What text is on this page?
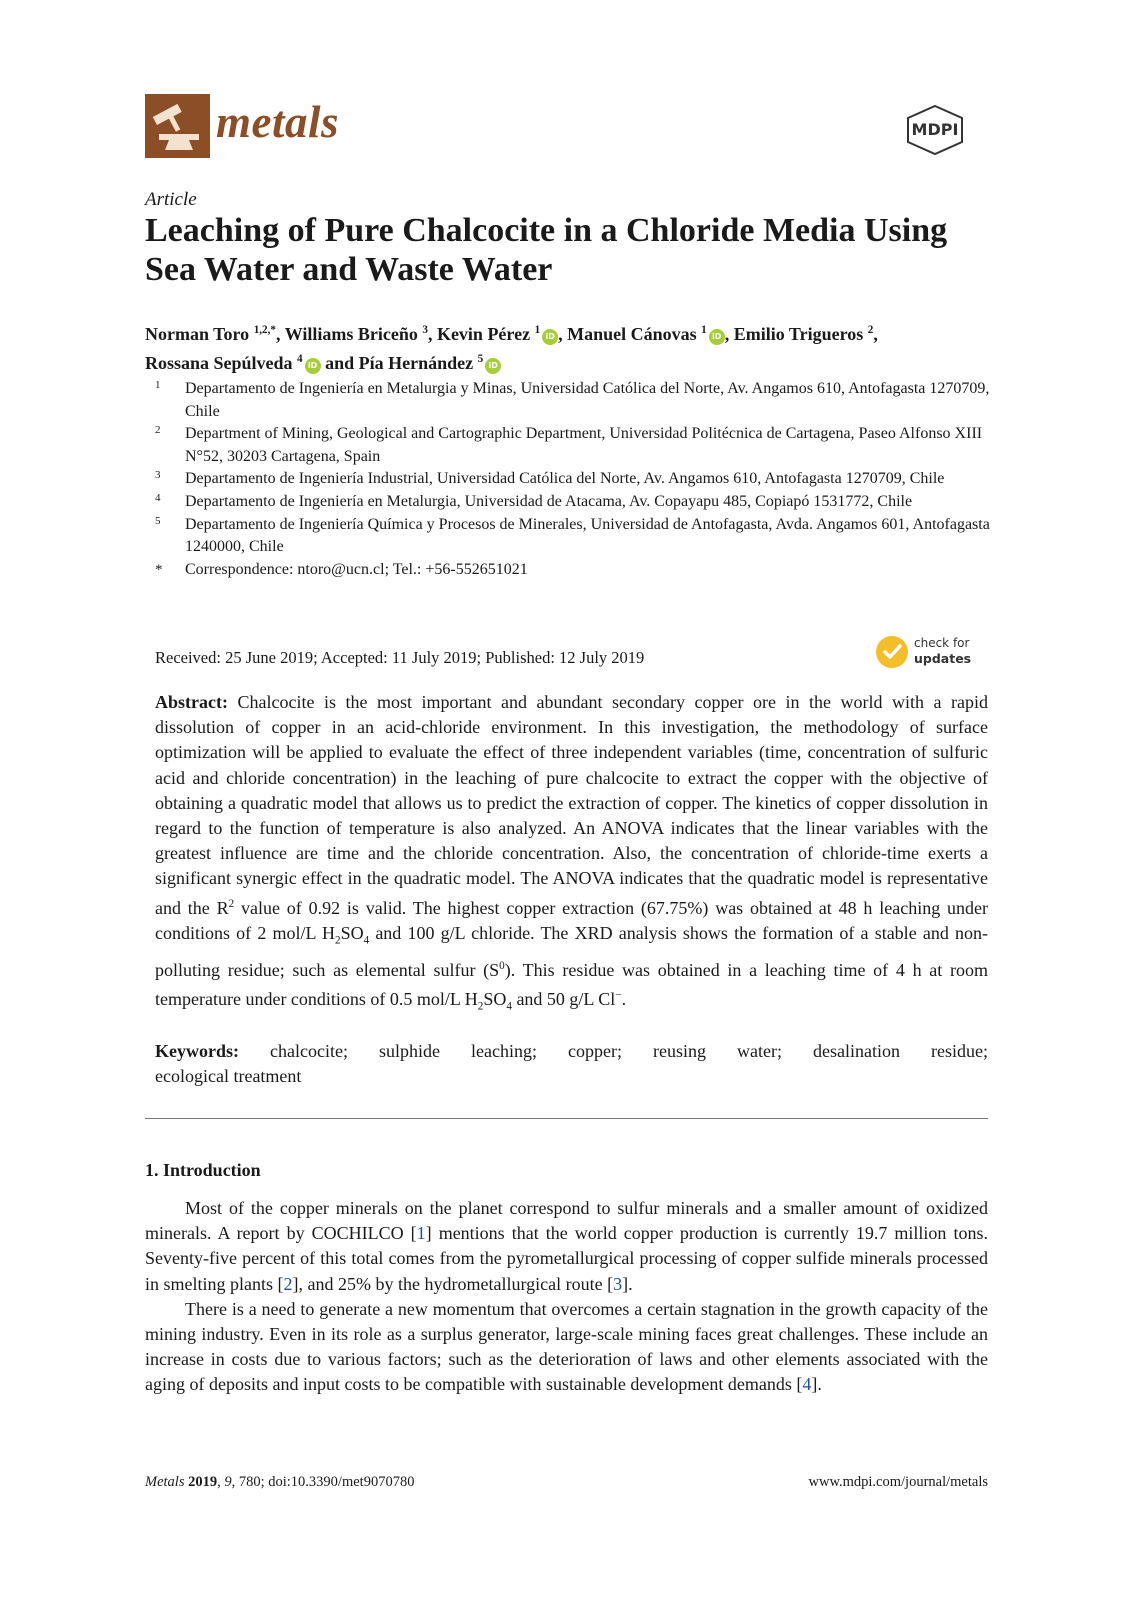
metals	MDPI
Article
Leaching of Pure Chalcocite in a Chloride Media Using Sea Water and Waste Water
Norman Toro $^{1,2,*}$, Williams Briceño $^3$, Kevin Pérez $^1$iD , Manuel Cánovas $^1$iD , Emilio Trigueros $^2$,
Rossana Sepúlveda $^4$iD and Pía Hernández $^5$iD
1 Departamento de Ingeniería en Metalurgia y Minas, Universidad Católica del Norte, Av. Angamos 610, Antofagasta 1270709, Chile
2 Department of Mining, Geological and Cartographic Department, Universidad Politécnica de Cartagena, Paseo Alfonso XIII N°52, 30203 Cartagena, Spain
3 Departamento de Ingeniería Industrial, Universidad Católica del Norte, Av. Angamos 610, Antofagasta 1270709, Chile
4 Departamento de Ingeniería en Metalurgia, Universidad de Atacama, Av. Copayapu 485, Copiapó 1531772, Chile
5 Departamento de Ingeniería Química y Procesos de Minerales, Universidad de Antofagasta, Avda. Angamos 601, Antofagasta 1240000, Chile
* Correspondence: ntoro@ucn.cl; Tel.: +56-552651021
Received: 25 June 2019; Accepted: 11 July 2019; Published: 12 July 2019
check for
updates
Abstract: Chalcocite is the most important and abundant secondary copper ore in the world with a rapid dissolution of copper in an acid-chloride environment. In this investigation, the methodology of surface optimization will be applied to evaluate the effect of three independent variables (time, concentration of sulfuric acid and chloride concentration) in the leaching of pure chalcocite to extract the copper with the objective of obtaining a quadratic model that allows us to predict the extraction of copper. The kinetics of copper dissolution in regard to the function of temperature is also analyzed. An ANOVA indicates that the linear variables with the greatest influence are time and the chloride concentration. Also, the concentration of chloride-time exerts a significant synergic effect in the quadratic model. The ANOVA indicates that the quadratic model is representative and the $R^2$ value of 0.92 is valid. The highest copper extraction (67.75%) was obtained at 48 h leaching under conditions of 2 mol/L $H_2SO_4$ and 100 g/L chloride. The XRD analysis shows the formation of a stable and non-polluting residue; such as elemental sulfur $(S^0)$. This residue was obtained in a leaching time of 4 h at room temperature under conditions of 0.5 mol/L $H_2SO_4$ and 50 g/L Cl−.
Keywords: chalcocite; sulphide leaching; copper; reusing water; desalination residue;
ecological treatment
1. Introduction

Most of the copper minerals on the planet correspond to sulfur minerals and a smaller amount of oxidized minerals. A report by COCHILCO [1] mentions that the world copper production is currently 19.7 million tons. Seventy-five percent of this total comes from the pyrometallurgical processing of copper sulfide minerals processed in smelting plants [2], and 25% by the hydrometallurgical route [3].

There is a need to generate a new momentum that overcomes a certain stagnation in the growth capacity of the mining industry. Even in its role as a surplus generator, large-scale mining faces great challenges. These include an increase in costs due to various factors; such as the deterioration of laws and other elements associated with the aging of deposits and input costs to be compatible with sustainable development demands [4].

Metals 2019, 9, 780; doi:10.3390/met9070780	www.mdpi.com/journal/metals
